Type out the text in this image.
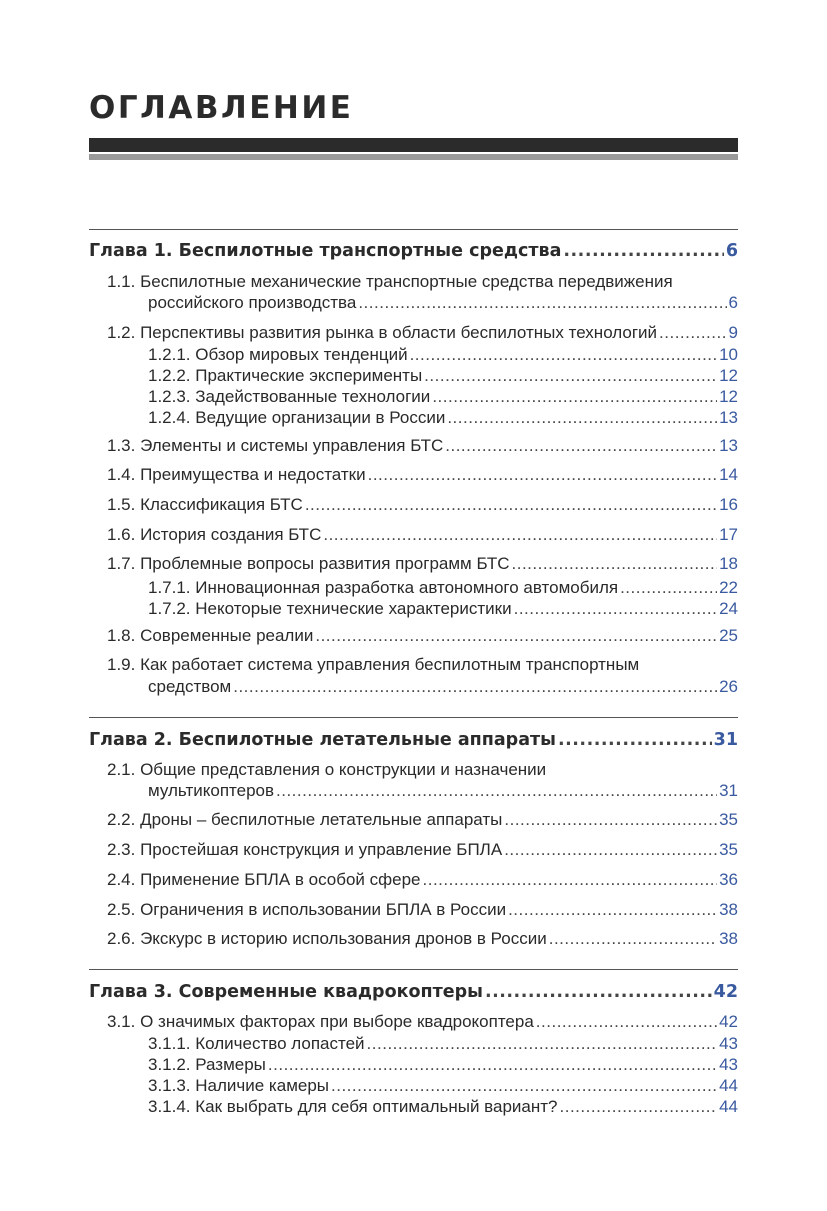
ОГЛАВЛЕНИЕ
Глава 1. Беспилотные транспортные средства .....	6
1.1. Беспилотные механические транспортные средства передвижения
российского производства .....	6
1.2. Перспективы развития рынка в области беспилотных технологий .....	9
1.2.1. Обзор мировых тенденций .....	10
1.2.2. Практические эксперименты .....	12
1.2.3. Задействованные технологии .....	12
1.2.4. Ведущие организации в России .....	13
1.3. Элементы и системы управления БТС .....	13
1.4. Преимущества и недостатки .....	14
1.5. Классификация БТС .....	16
1.6. История создания БТС .....	17
1.7. Проблемные вопросы развития программ БТС .....	18
1.7.1. Инновационная разработка автономного автомобиля .....	22
1.7.2. Некоторые технические характеристики .....	24
1.8. Современные реалии .....	25
1.9. Как работает система управления беспилотным транспортным
средством .....	26
Глава 2. Беспилотные летательные аппараты .....	31
2.1. Общие представления о конструкции и назначении
мультикоптеров .....	31
2.2. Дроны – беспилотные летательные аппараты .....	35
2.3. Простейшая конструкция и управление БПЛА .....	35
2.4. Применение БПЛА в особой сфере .....	36
2.5. Ограничения в использовании БПЛА в России .....	38
2.6. Экскурс в историю использования дронов в России .....	38
Глава 3. Современные квадрокоптеры .....	42
3.1. О значимых факторах при выборе квадрокоптера .....	42
3.1.1. Количество лопастей .....	43
3.1.2. Размеры .....	43
3.1.3. Наличие камеры .....	44
3.1.4. Как выбрать для себя оптимальный вариант? .....	44
